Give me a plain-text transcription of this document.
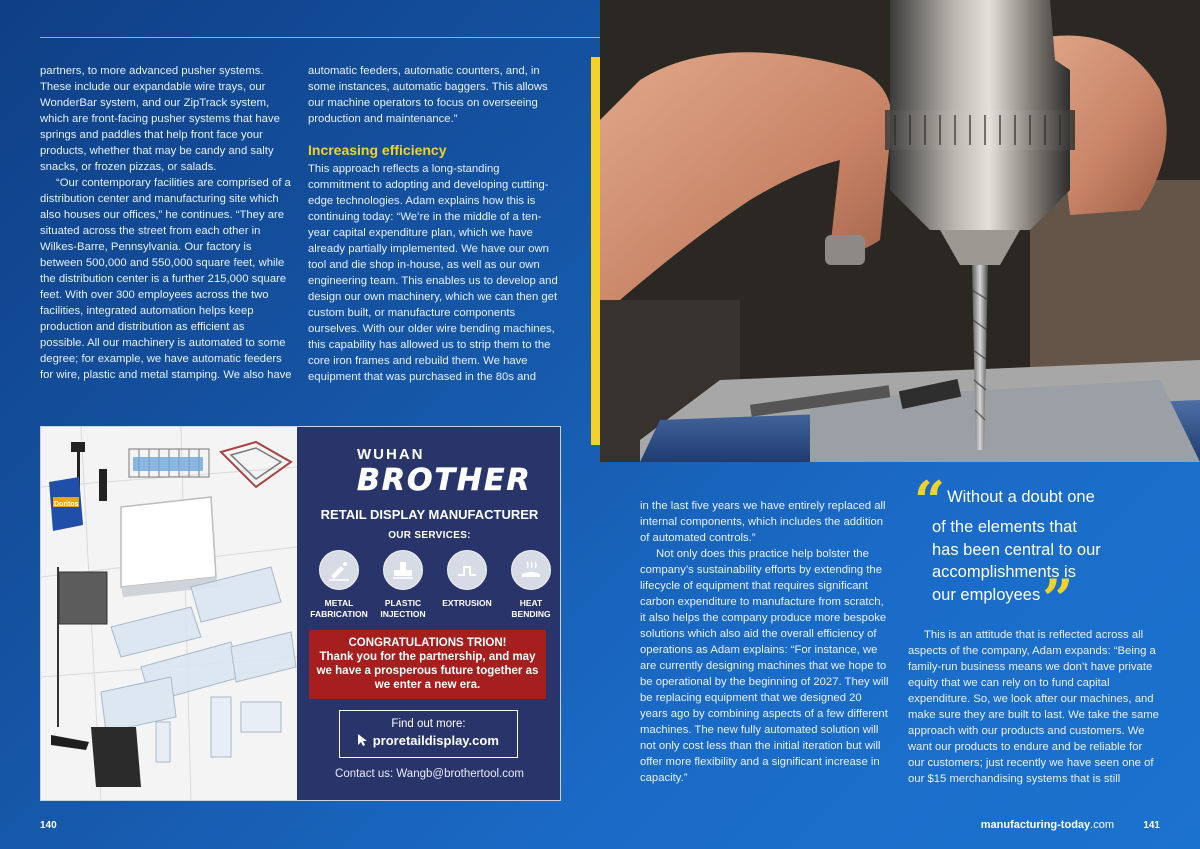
partners, to more advanced pusher systems. These include our expandable wire trays, our WonderBar system, and our ZipTrack system, which are front-facing pusher systems that have springs and paddles that help front face your products, whether that may be candy and salty snacks, or frozen pizzas, or salads.

“Our contemporary facilities are comprised of a distribution center and manufacturing site which also houses our offices,” he continues. “They are situated across the street from each other in Wilkes-Barre, Pennsylvania. Our factory is between 500,000 and 550,000 square feet, while the distribution center is a further 215,000 square feet. With over 300 employees across the two facilities, integrated automation helps keep production and distribution as efficient as possible. All our machinery is automated to some degree; for example, we have automatic feeders for wire, plastic and metal stamping. We also have

automatic feeders, automatic counters, and, in some instances, automatic baggers. This allows our machine operators to focus on overseeing production and maintenance.”

Increasing efficiency

This approach reflects a long-standing commitment to adopting and developing cutting-edge technologies. Adam explains how this is continuing today: “We’re in the middle of a ten-year capital expenditure plan, which we have already partially implemented. We have our own tool and die shop in-house, as well as our own engineering team. This enables us to develop and design our own machinery, which we can then get custom built, or manufacture components ourselves. With our older wire bending machines, this capability has allowed us to strip them to the core iron frames and rebuild them. We have equipment that was purchased in the 80s and

Doritos
WUHAN
BROTHER
RETAIL DISPLAY MANUFACTURER
OUR SERVICES:
METAL FABRICATION
PLASTIC INJECTION
EXTRUSION	HEAT BENDING
CONGRATULATIONS TRION!
Thank you for the partnership, and may we have a prosperous future together as we enter a new era.
Find out more:
proretaildisplay.com
Contact us: Wangb@brothertool.com

in the last five years we have entirely replaced all internal components, which includes the addition of automated controls.”

Not only does this practice help bolster the company’s sustainability efforts by extending the lifecycle of equipment that requires significant carbon expenditure to manufacture from scratch, it also helps the company produce more bespoke solutions which also aid the overall efficiency of operations as Adam explains: “For instance, we are currently designing machines that we hope to be operational by the beginning of 2027. They will be replacing equipment that we designed 20 years ago by combining aspects of a few different machines. The new fully automated solution will not only cost less than the initial iteration but will offer more flexibility and a significant increase in capacity.”

“ Without a doubt one
of the elements that
has been central to our
accomplishments is
our employees”

This is an attitude that is reflected across all aspects of the company, Adam expands: “Being a family-run business means we don’t have private equity that we can rely on to fund capital expenditure. So, we look after our machines, and make sure they are built to last. We take the same approach with our products and customers. We want our products to endure and be reliable for our customers; just recently we have seen one of our $15 merchandising systems that is still

140	manufacturing-today.com	141
